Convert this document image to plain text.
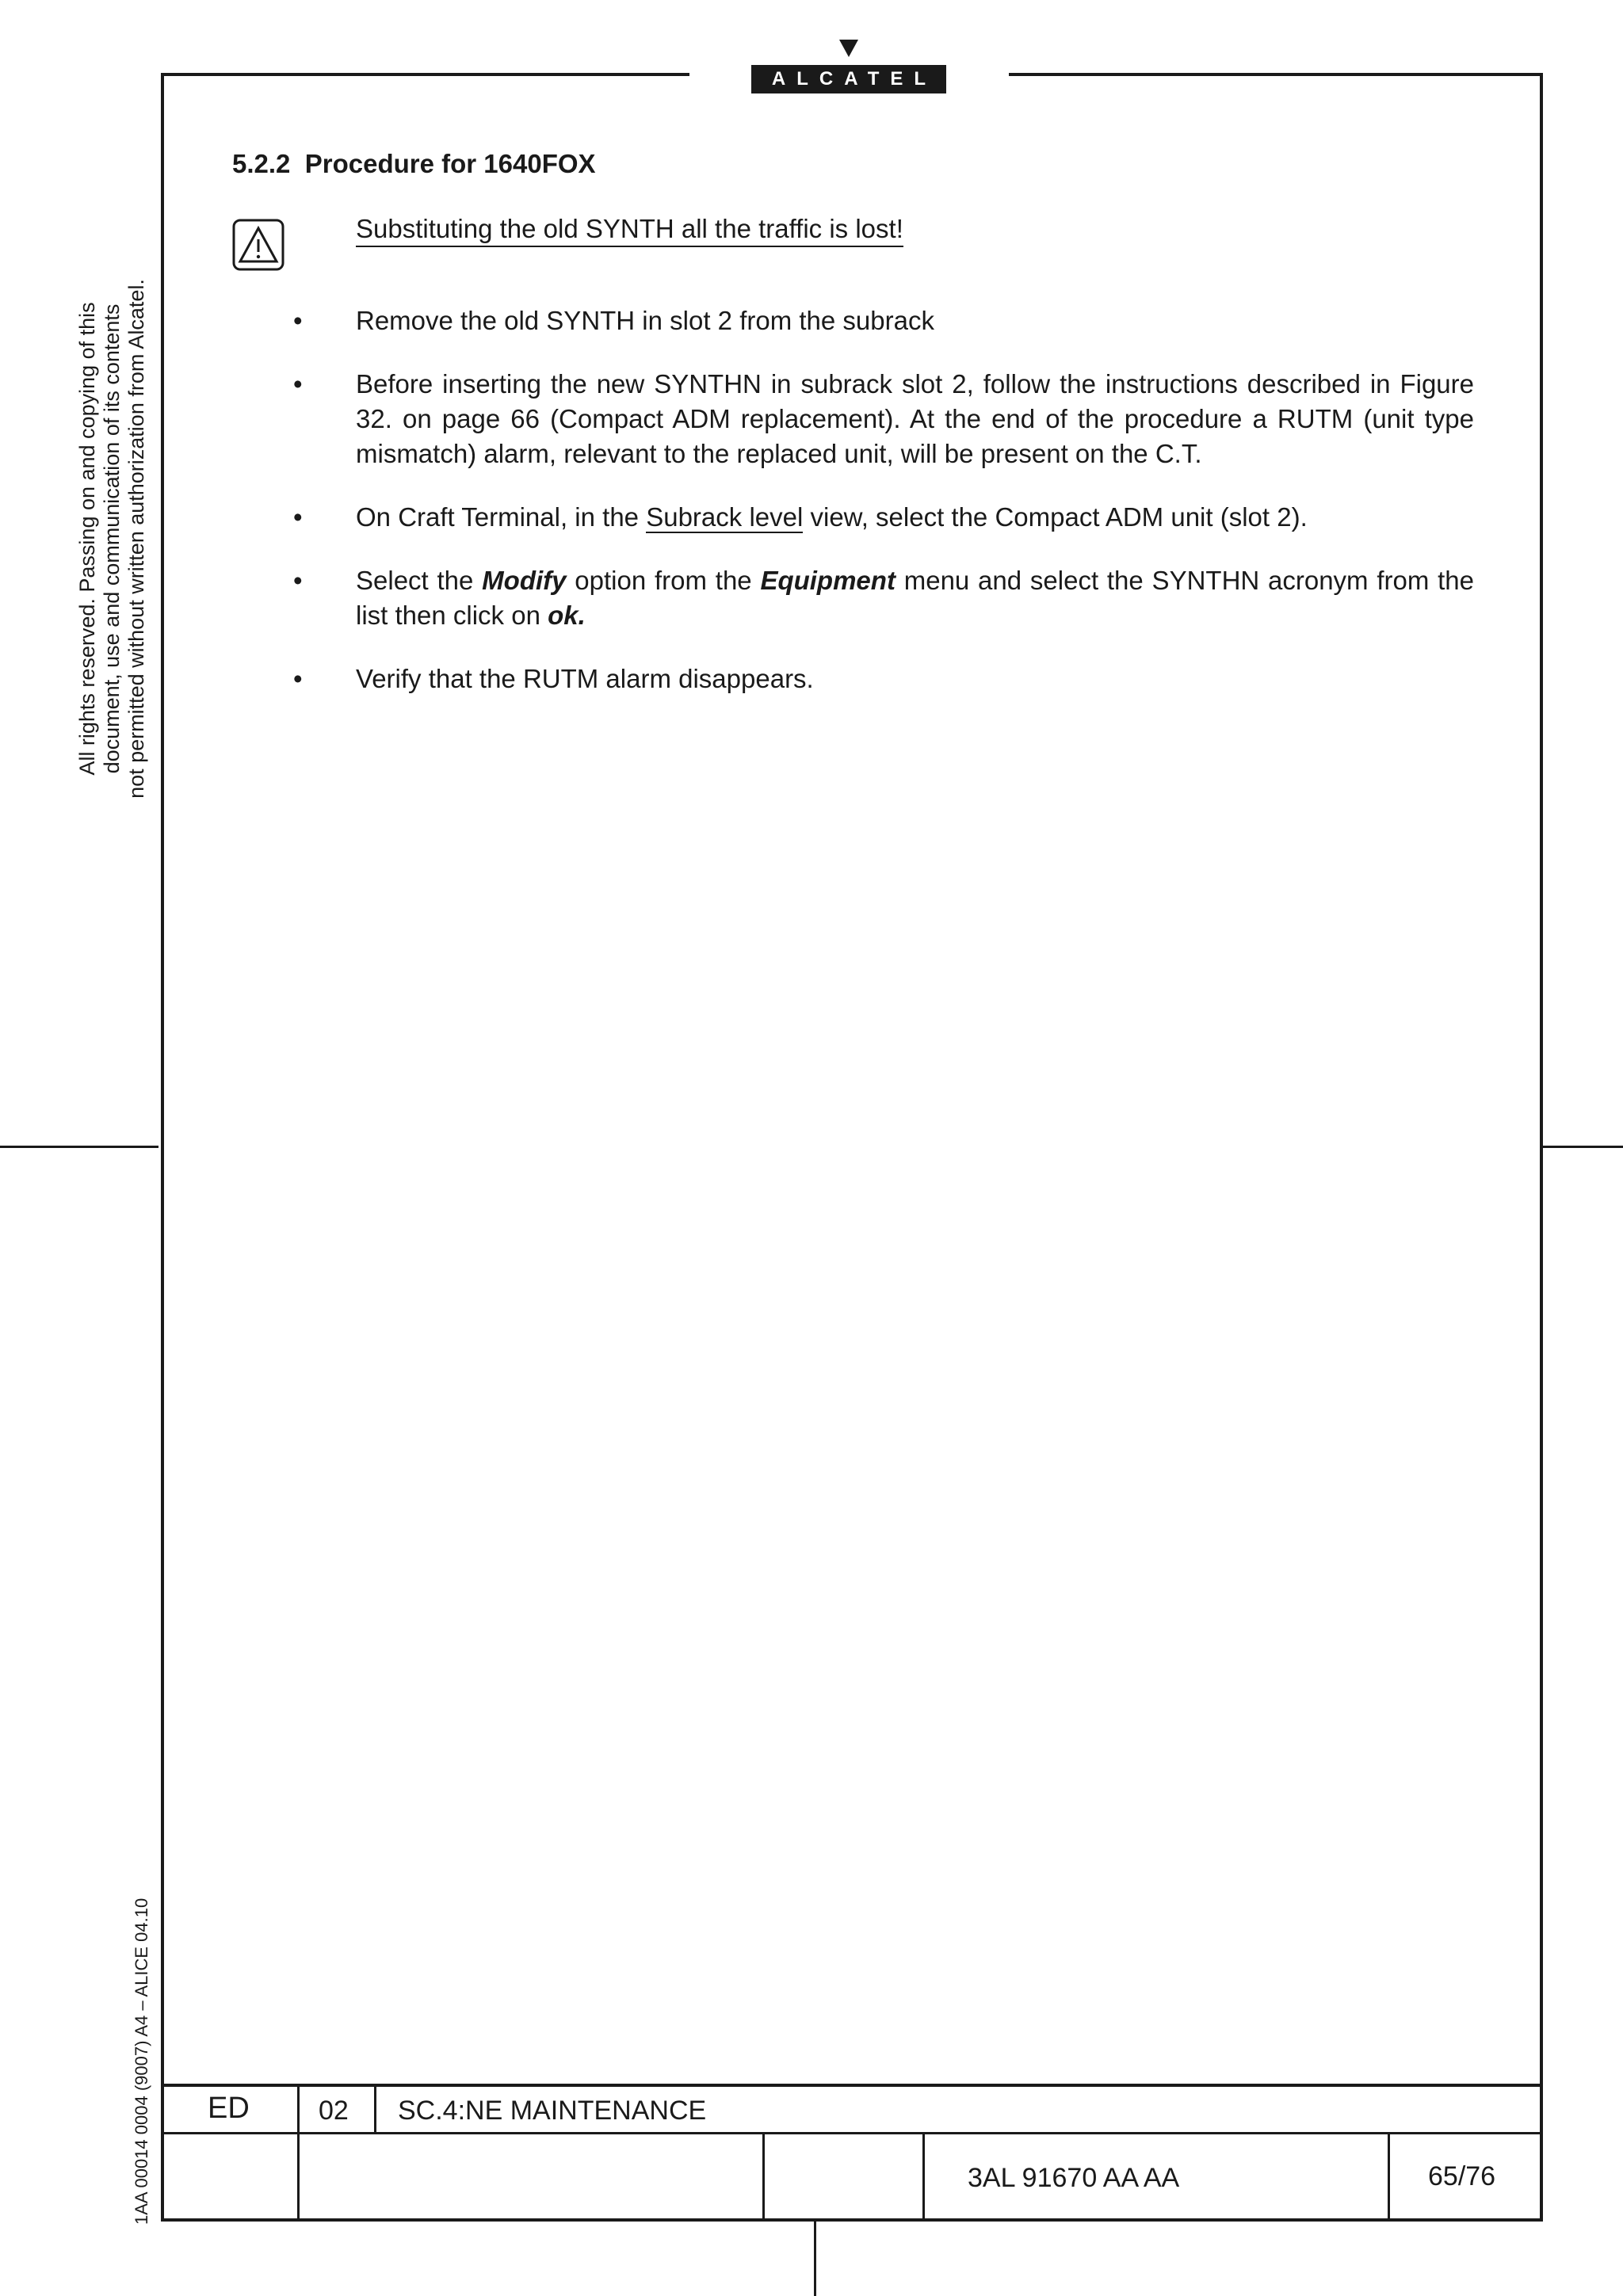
ALCATEL
All rights reserved. Passing on and copying of this document, use and communication of its contents not permitted without written authorization from Alcatel.
1AA 00014 0004 (9007) A4 – ALICE 04.10
5.2.2 Procedure for 1640FOX
Substituting the old SYNTH all the traffic is lost!
•	Remove the old SYNTH in slot 2 from the subrack
•	Before inserting the new SYNTHN in subrack slot 2, follow the instructions described in Figure 32. on page 66 (Compact ADM replacement). At the end of the procedure a RUTM (unit type mismatch) alarm, relevant to the replaced unit, will be present on the C.T.
•	On Craft Terminal, in the Subrack level view, select the Compact ADM unit (slot 2).
•	Select the Modify option from the Equipment menu and select the SYNTHN acronym from the list then click on ok.
•	Verify that the RUTM alarm disappears.
ED	02 SC.4:NE MAINTENANCE
3AL 91670 AA AA	65/76
